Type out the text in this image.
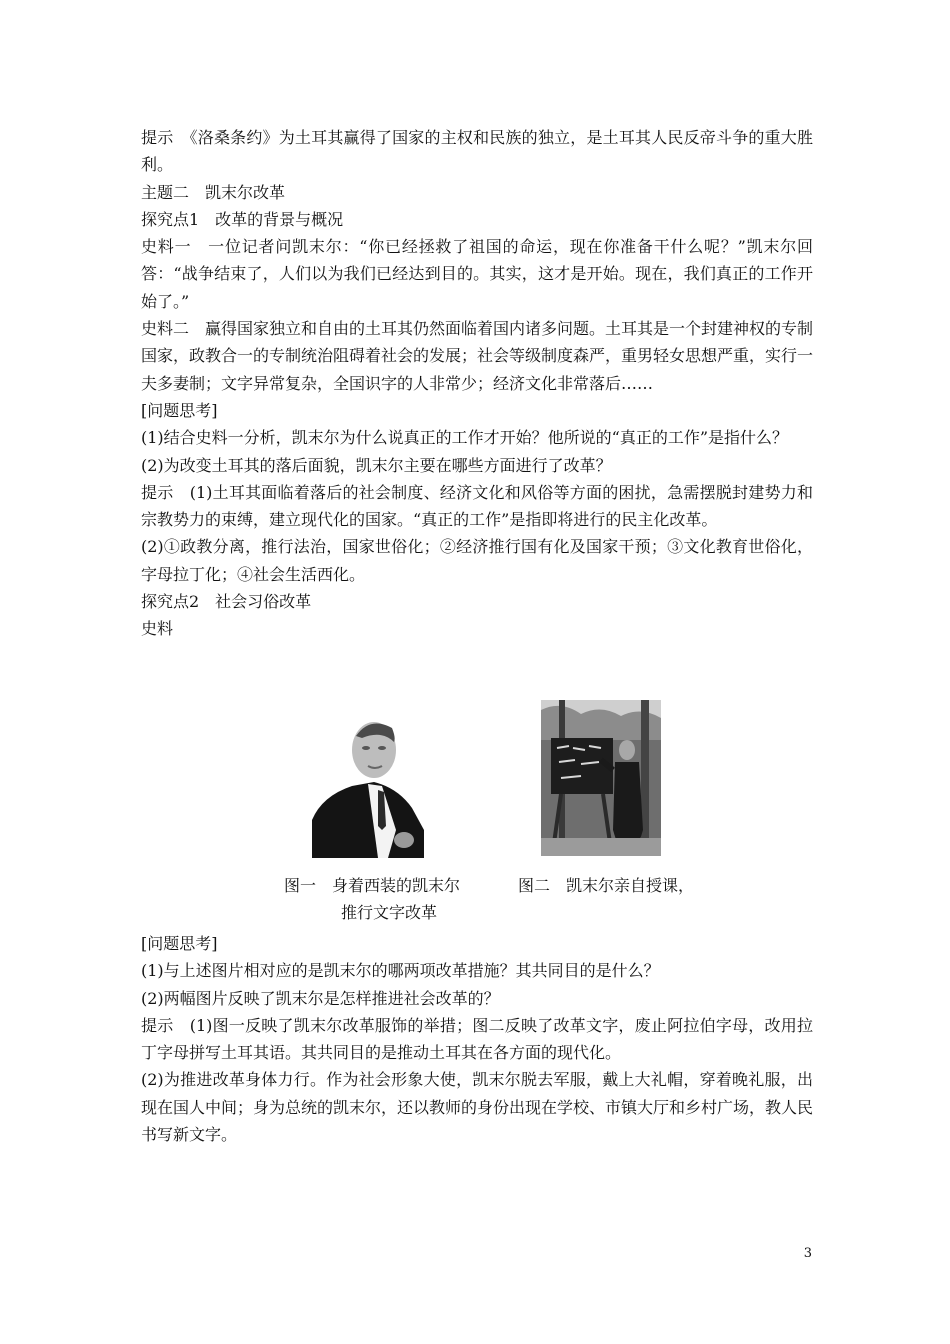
提示　《洛桑条约》为土耳其赢得了国家的主权和民族的独立，是土耳其人民反帝斗争的重大胜利。

主题二　凯末尔改革

探究点1　改革的背景与概况

史料一　一位记者问凯末尔：“你已经拯救了祖国的命运，现在你准备干什么呢？”凯末尔回答：“战争结束了，人们以为我们已经达到目的。其实，这才是开始。现在，我们真正的工作开始了。”

史料二　赢得国家独立和自由的土耳其仍然面临着国内诸多问题。土耳其是一个封建神权的专制国家，政教合一的专制统治阻碍着社会的发展；社会等级制度森严，重男轻女思想严重，实行一夫多妻制；文字异常复杂，全国识字的人非常少；经济文化非常落后……

[问题思考]

(1)结合史料一分析，凯末尔为什么说真正的工作才开始？他所说的“真正的工作”是指什么？

(2)为改变土耳其的落后面貌，凯末尔主要在哪些方面进行了改革？

提示　(1)土耳其面临着落后的社会制度、经济文化和风俗等方面的困扰，急需摆脱封建势力和宗教势力的束缚，建立现代化的国家。“真正的工作”是指即将进行的民主化改革。

(2)①政教分离，推行法治，国家世俗化；②经济推行国有化及国家干预；③文化教育世俗化，字母拉丁化；④社会生活西化。

探究点2　社会习俗改革

史料

图一　身着西装的凯末尔	图二　凯末尔亲自授课，
推行文字改革

[问题思考]

(1)与上述图片相对应的是凯末尔的哪两项改革措施？其共同目的是什么？

(2)两幅图片反映了凯末尔是怎样推进社会改革的？

提示　(1)图一反映了凯末尔改革服饰的举措；图二反映了改革文字，废止阿拉伯字母，改用拉丁字母拼写土耳其语。其共同目的是推动土耳其在各方面的现代化。

(2)为推进改革身体力行。作为社会形象大使，凯末尔脱去军服，戴上大礼帽，穿着晚礼服，出现在国人中间；身为总统的凯末尔，还以教师的身份出现在学校、市镇大厅和乡村广场，教人民书写新文字。

3
